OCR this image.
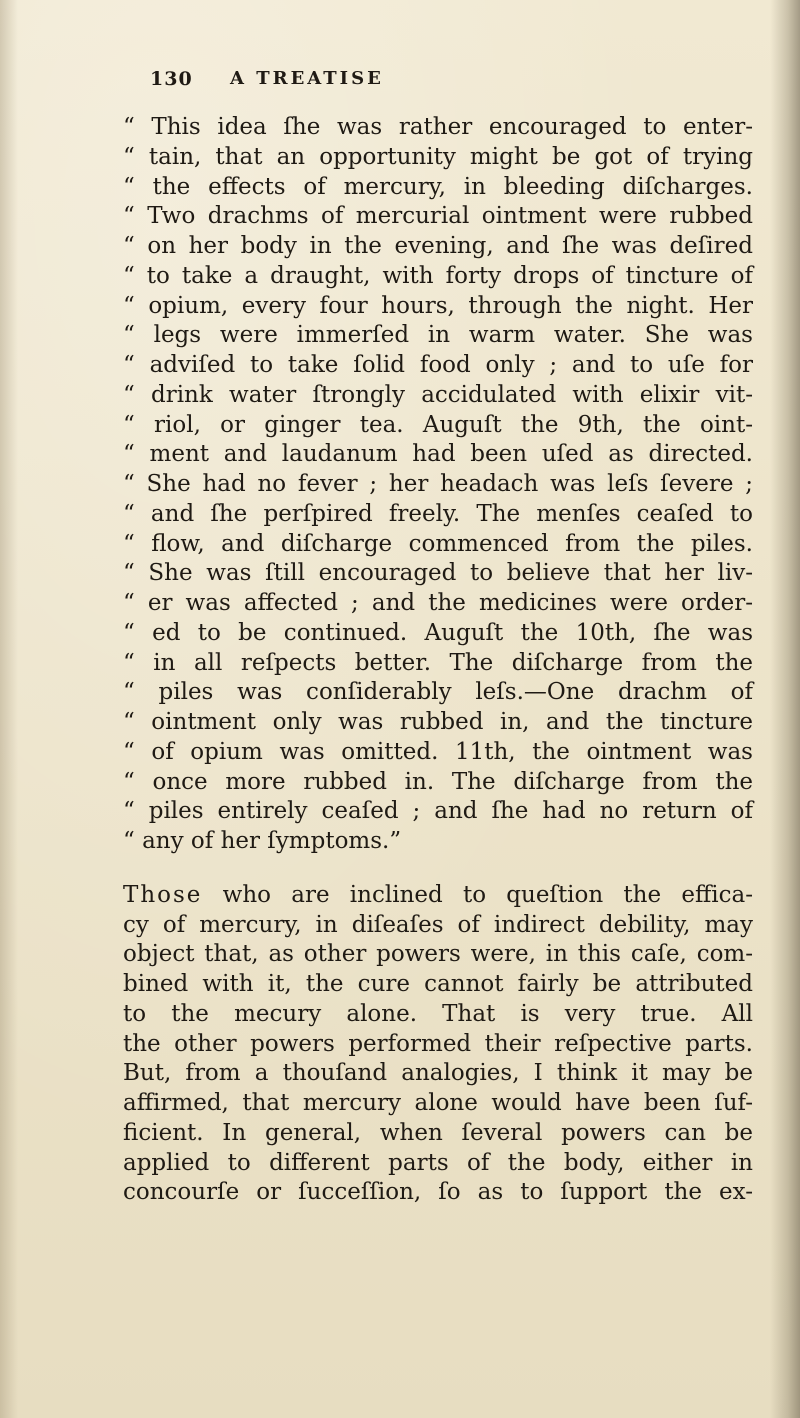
130 A TREATISE
“ This idea ſhe was rather encouraged to enter-
“ tain, that an opportunity might be got of trying
“ the effects of mercury, in bleeding diſcharges.
“ Two drachms of mercurial ointment were rubbed
“ on her body in the evening, and ſhe was deſired
“ to take a draught, with forty drops of tincture of
“ opium, every four hours, through the night. Her
“ legs were immerſed in warm water. She was
“ adviſed to take ſolid food only ; and to uſe for
“ drink water ſtrongly accidulated with elixir vit-
“ riol, or ginger tea. Auguſt the 9th, the oint-
“ ment and laudanum had been uſed as directed.
“ She had no fever ; her headach was leſs ſevere ;
“ and ſhe perſpired freely. The menſes ceaſed to
“ flow, and diſcharge commenced from the piles.
“ She was ſtill encouraged to believe that her liv-
“ er was affected ; and the medicines were order-
“ ed to be continued. Auguſt the 10th, ſhe was
“ in all reſpects better. The diſcharge from the
“ piles was conſiderably leſs.—One drachm of
“ ointment only was rubbed in, and the tincture
“ of opium was omitted. 11th, the ointment was
“ once more rubbed in. The diſcharge from the
“ piles entirely ceaſed ; and ſhe had no return of
“ any of her ſymptoms.”
Those who are inclined to queſtion the effica-
cy of mercury, in diſeaſes of indirect debility, may
object that, as other powers were, in this caſe, com-
bined with it, the cure cannot fairly be attributed
to the mecury alone. That is very true. All
the other powers performed their reſpective parts.
But, from a thouſand analogies, I think it may be
affirmed, that mercury alone would have been ſuf-
ficient. In general, when ſeveral powers can be
applied to different parts of the body, either in
concourſe or ſucceſſion, ſo as to ſupport the ex-
